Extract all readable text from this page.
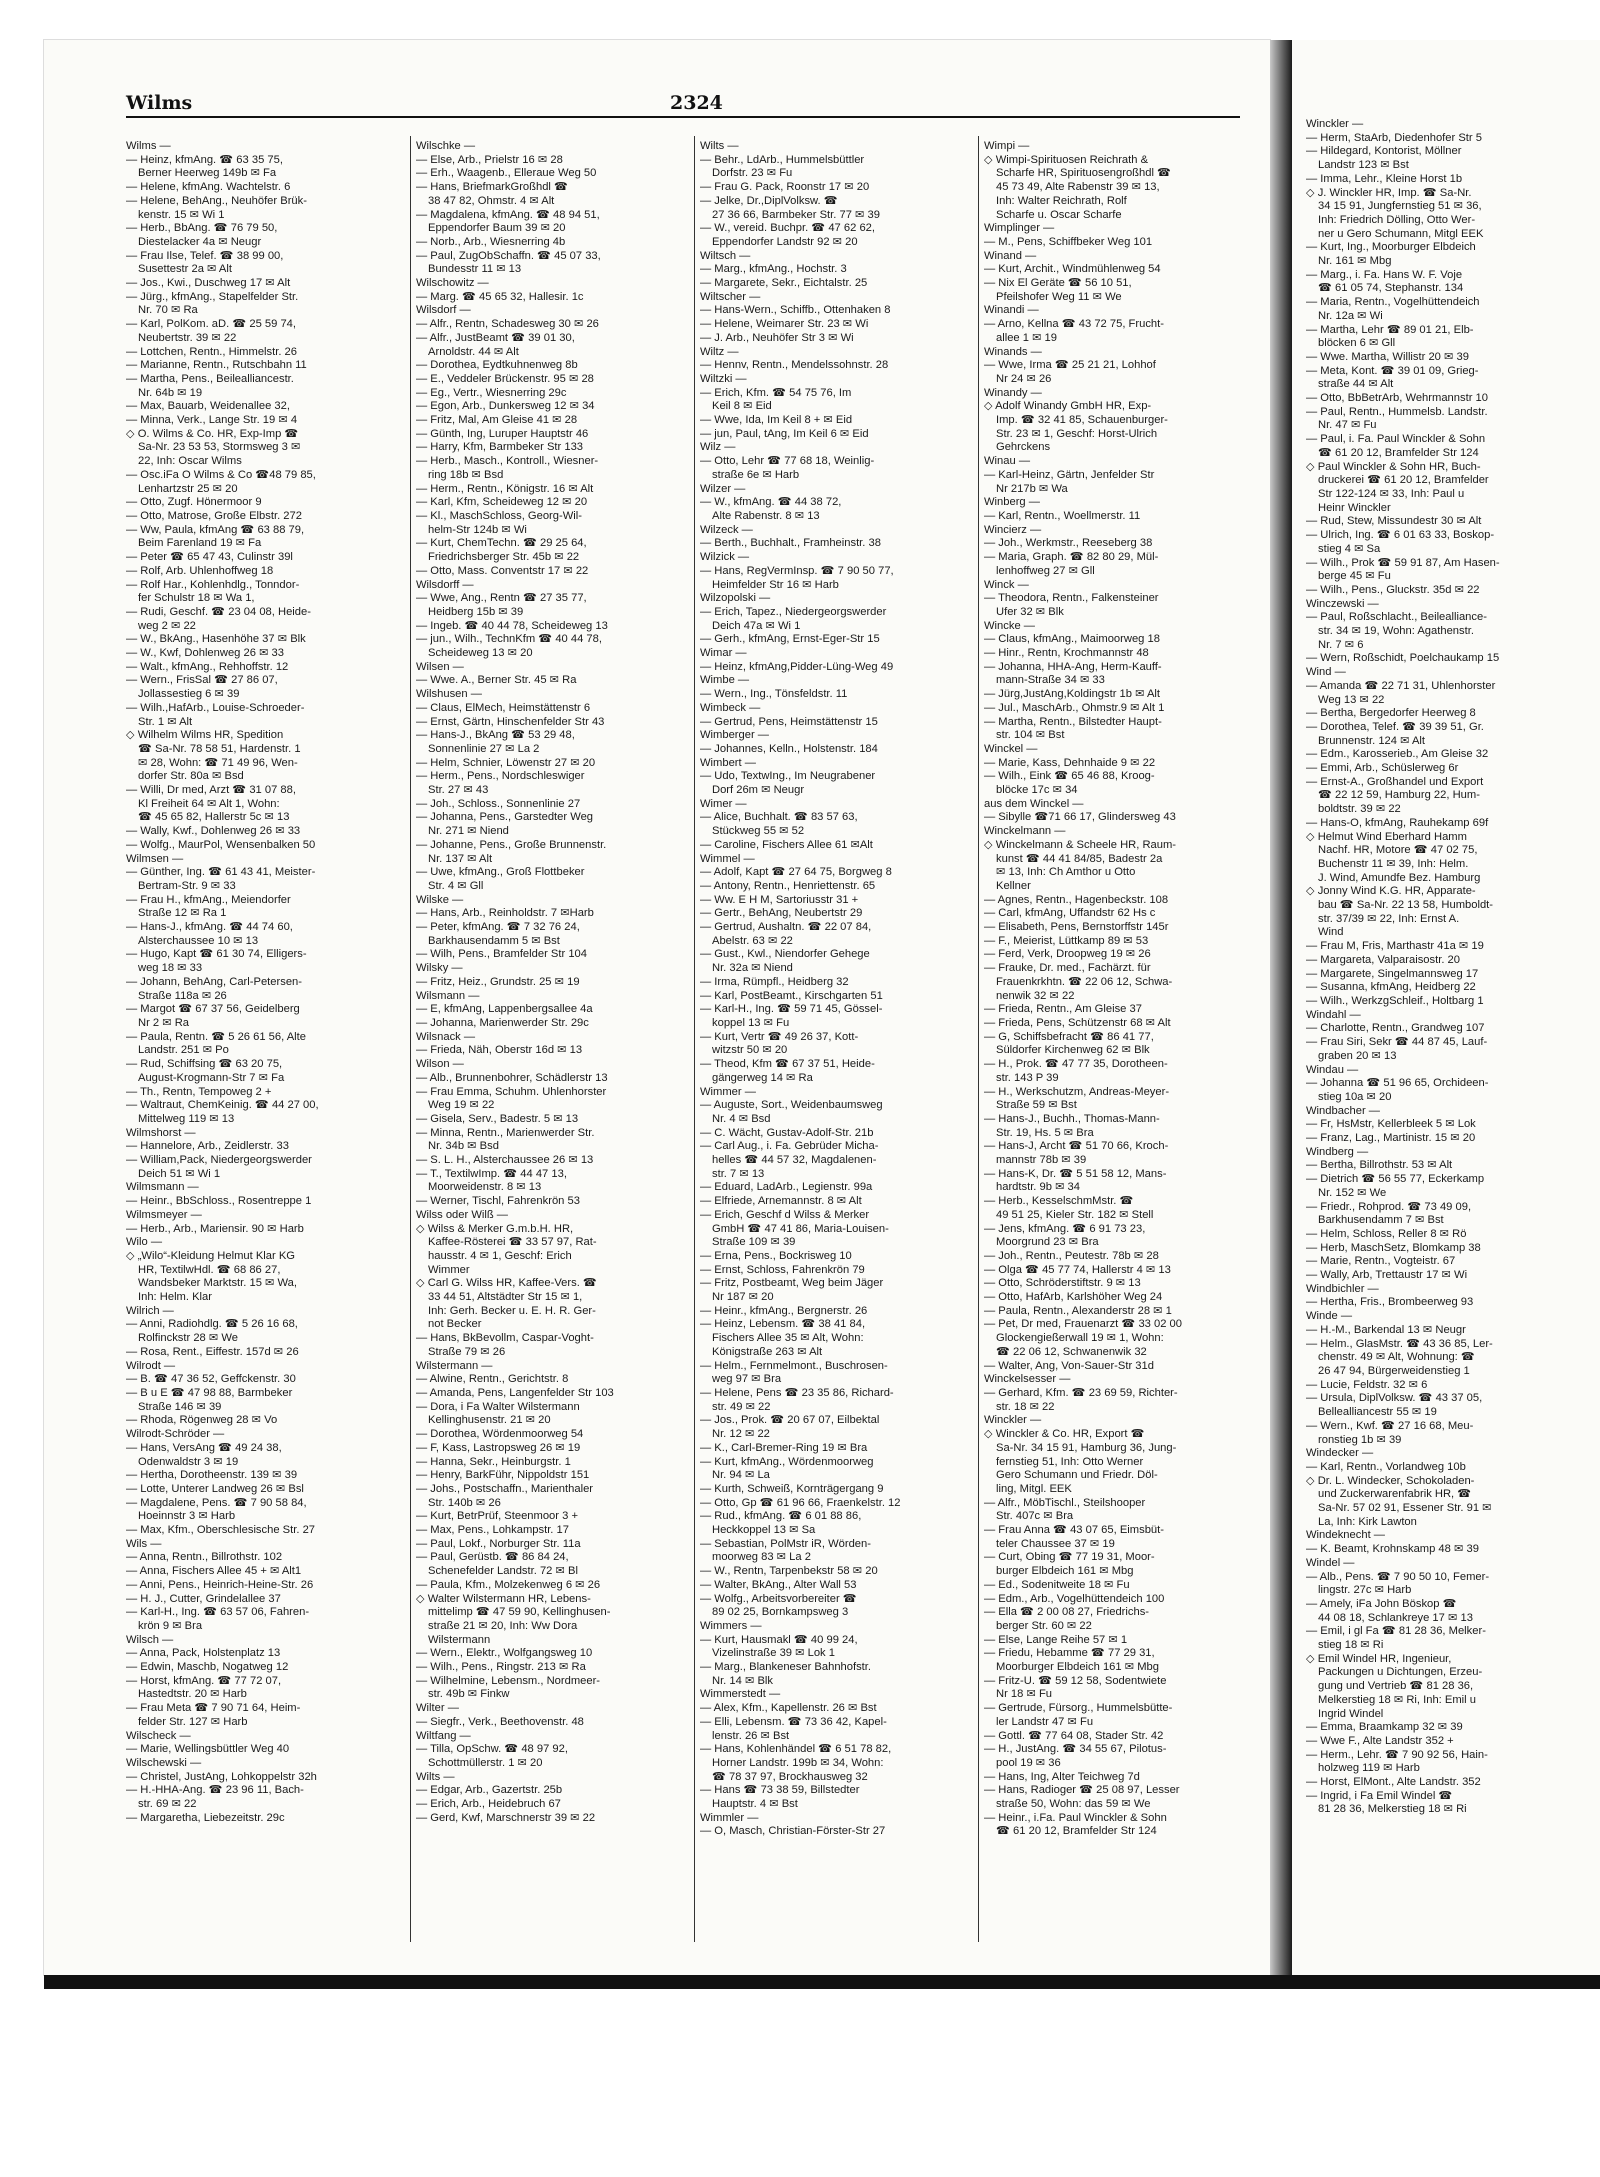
Wilms	2324
Wilms —
— Heinz, kfmAng. ☎ 63 35 75,
Berner Heerweg 149b ✉ Fa
— Helene, kfmAng. Wachtelstr. 6
— Helene, BehAng., Neuhöfer Brük-
kenstr. 15 ✉ Wi 1
— Herb., BbAng. ☎ 76 79 50,
Diestelacker 4a ✉ Neugr
— Frau Ilse, Telef. ☎ 38 99 00,
Susettestr 2a ✉ Alt
— Jos., Kwi., Duschweg 17 ✉ Alt
— Jürg., kfmAng., Stapelfelder Str.
Nr. 70 ✉ Ra
— Karl, PolKom. aD. ☎ 25 59 74,
Neubertstr. 39 ✉ 22
— Lottchen, Rentn., Himmelstr. 26
— Marianne, Rentn., Rutschbahn 11
— Martha, Pens., Beilealliancestr.
Nr. 64b ✉ 19
— Max, Bauarb, Weidenallee 32,
— Minna, Verk., Lange Str. 19 ✉ 4
◇ O. Wilms & Co. HR, Exp-Imp ☎
Sa-Nr. 23 53 53, Stormsweg 3 ✉
22, Inh: Oscar Wilms
— Osc.iFa O Wilms & Co ☎48 79 85,
Lenhartzstr 25 ✉ 20
— Otto, Zugf. Hönermoor 9
— Otto, Matrose, Große Elbstr. 272
— Ww, Paula, kfmAng ☎ 63 88 79,
Beim Farenland 19 ✉ Fa
— Peter ☎ 65 47 43, Culinstr 39l
— Rolf, Arb. Uhlenhoffweg 18
— Rolf Har., Kohlenhdlg., Tonndor-
fer Schulstr 18 ✉ Wa 1,
— Rudi, Geschf. ☎ 23 04 08, Heide-
weg 2 ✉ 22
— W., BkAng., Hasenhöhe 37 ✉ Blk
— W., Kwf, Dohlenweg 26 ✉ 33
— Walt., kfmAng., Rehhoffstr. 12
— Wern., FrisSal ☎ 27 86 07,
Jollassestieg 6 ✉ 39
— Wilh.,HafArb., Louise-Schroeder-
Str. 1 ✉ Alt
◇ Wilhelm Wilms HR, Spedition
☎ Sa-Nr. 78 58 51, Hardenstr. 1
✉ 28, Wohn: ☎ 71 49 96, Wen-
dorfer Str. 80a ✉ Bsd
— Willi, Dr med, Arzt ☎ 31 07 88,
Kl Freiheit 64 ✉ Alt 1, Wohn:
☎ 45 65 82, Hallerstr 5c ✉ 13
— Wally, Kwf., Dohlenweg 26 ✉ 33
— Wolfg., MaurPol, Wensenbalken 50
Wilmsen —
— Günther, Ing. ☎ 61 43 41, Meister-
Bertram-Str. 9 ✉ 33
— Frau H., kfmAng., Meiendorfer
Straße 12 ✉ Ra 1
— Hans-J., kfmAng. ☎ 44 74 60,
Alsterchaussee 10 ✉ 13
— Hugo, Kapt ☎ 61 30 74, Elligers-
weg 18 ✉ 33
— Johann, BehAng, Carl-Petersen-
Straße 118a ✉ 26
— Margot ☎ 67 37 56, Geidelberg
Nr 2 ✉ Ra
— Paula, Rentn. ☎ 5 26 61 56, Alte
Landstr. 251 ✉ Po
— Rud, Schiffsing ☎ 63 20 75,
August-Krogmann-Str 7 ✉ Fa
— Th., Rentn, Tempoweg 2 +
— Waltraut, ChemKeinig. ☎ 44 27 00,
Mittelweg 119 ✉ 13
Wilmshorst —
— Hannelore, Arb., Zeidlerstr. 33
— William,Pack, Niedergeorgswerder
Deich 51 ✉ Wi 1
Wilmsmann —
— Heinr., BbSchloss., Rosentreppe 1
Wilmsmeyer —
— Herb., Arb., Mariensir. 90 ✉ Harb
Wilo —
◇ „Wilo“-Kleidung Helmut Klar KG
HR, TextilwHdl. ☎ 68 86 27,
Wandsbeker Marktstr. 15 ✉ Wa,
Inh: Helm. Klar
Wilrich —
— Anni, Radiohdlg. ☎ 5 26 16 68,
Rolfinckstr 28 ✉ We
— Rosa, Rent., Eiffestr. 157d ✉ 26
Wilrodt —
— B. ☎ 47 36 52, Geffckenstr. 30
— B u E ☎ 47 98 88, Barmbeker
Straße 146 ✉ 39
— Rhoda, Rögenweg 28 ✉ Vo
Wilrodt-Schröder —
— Hans, VersAng ☎ 49 24 38,
Odenwaldstr 3 ✉ 19
— Hertha, Dorotheenstr. 139 ✉ 39
— Lotte, Unterer Landweg 26 ✉ Bsl
— Magdalene, Pens. ☎ 7 90 58 84,
Hoeinnstr 3 ✉ Harb
— Max, Kfm., Oberschlesische Str. 27
Wils —
— Anna, Rentn., Billrothstr. 102
— Anna, Fischers Allee 45 + ✉ Alt1
— Anni, Pens., Heinrich-Heine-Str. 26
— H. J., Cutter, Grindelallee 37
— Karl-H., Ing. ☎ 63 57 06, Fahren-
krön 9 ✉ Bra
Wilsch —
— Anna, Pack, Holstenplatz 13
— Edwin, Maschb, Nogatweg 12
— Horst, kfmAng. ☎ 77 72 07,
Hastedtstr. 20 ✉ Harb
— Frau Meta ☎ 7 90 71 64, Heim-
felder Str. 127 ✉ Harb
Wilscheck —
— Marie, Wellingsbüttler Weg 40
Wilschewski —
— Christel, JustAng, Lohkoppelstr 32h
— H.-HHA-Ang. ☎ 23 96 11, Bach-
str. 69 ✉ 22
— Margaretha, Liebezeitstr. 29c
Wilschke —
— Else, Arb., Prielstr 16 ✉ 28
— Erh., Waagenb., Elleraue Weg 50
— Hans, BriefmarkGroßhdl ☎
38 47 82, Ohmstr. 4 ✉ Alt
— Magdalena, kfmAng. ☎ 48 94 51,
Eppendorfer Baum 39 ✉ 20
— Norb., Arb., Wiesnerring 4b
— Paul, ZugObSchaffn. ☎ 45 07 33,
Bundesstr 11 ✉ 13
Wilschowitz —
— Marg. ☎ 45 65 32, Hallesir. 1c
Wilsdorf —
— Alfr., Rentn, Schadesweg 30 ✉ 26
— Alfr., JustBeamt ☎ 39 01 30,
Arnoldstr. 44 ✉ Alt
— Dorothea, Eydtkuhnenweg 8b
— E., Veddeler Brückenstr. 95 ✉ 28
— Eg., Vertr., Wiesnerring 29c
— Egon, Arb., Dunkersweg 12 ✉ 34
— Fritz, Mal, Am Gleise 41 ✉ 28
— Günth, Ing, Luruper Hauptstr 46
— Harry, Kfm, Barmbeker Str 133
— Herb., Masch., Kontroll., Wiesner-
ring 18b ✉ Bsd
— Herm., Rentn., Königstr. 16 ✉ Alt
— Karl, Kfm, Scheideweg 12 ✉ 20
— Kl., MaschSchloss, Georg-Wil-
helm-Str 124b ✉ Wi
— Kurt, ChemTechn. ☎ 29 25 64,
Friedrichsberger Str. 45b ✉ 22
— Otto, Mass. Conventstr 17 ✉ 22
Wilsdorff —
— Wwe, Ang., Rentn ☎ 27 35 77,
Heidberg 15b ✉ 39
— Ingeb. ☎ 40 44 78, Scheideweg 13
— jun., Wilh., TechnKfm ☎ 40 44 78,
Scheideweg 13 ✉ 20
Wilsen —
— Wwe. A., Berner Str. 45 ✉ Ra
Wilshusen —
— Claus, ElMech, Heimstättenstr 6
— Ernst, Gärtn, Hinschenfelder Str 43
— Hans-J., BkAng ☎ 53 29 48,
Sonnenlinie 27 ✉ La 2
— Helm, Schnier, Löwenstr 27 ✉ 20
— Herm., Pens., Nordschleswiger
Str. 27 ✉ 43
— Joh., Schloss., Sonnenlinie 27
— Johanna, Pens., Garstedter Weg
Nr. 271 ✉ Niend
— Johanne, Pens., Große Brunnenstr.
Nr. 137 ✉ Alt
— Uwe, kfmAng., Groß Flottbeker
Str. 4 ✉ Gll
Wilske —
— Hans, Arb., Reinholdstr. 7 ✉Harb
— Peter, kfmAng. ☎ 7 32 76 24,
Barkhausendamm 5 ✉ Bst
— Wilh, Pens., Bramfelder Str 104
Wilsky —
— Fritz, Heiz., Grundstr. 25 ✉ 19
Wilsmann —
— E, kfmAng, Lappenbergsallee 4a
— Johanna, Marienwerder Str. 29c
Wilsnack —
— Frieda, Näh, Oberstr 16d ✉ 13
Wilson —
— Alb., Brunnenbohrer, Schädlerstr 13
— Frau Emma, Schuhm. Uhlenhorster
Weg 19 ✉ 22
— Gisela, Serv., Badestr. 5 ✉ 13
— Minna, Rentn., Marienwerder Str.
Nr. 34b ✉ Bsd
— S. L. H., Alsterchaussee 26 ✉ 13
— T., TextilwImp. ☎ 44 47 13,
Moorweidenstr. 8 ✉ 13
— Werner, Tischl, Fahrenkrön 53
Wilss oder Wilß —
◇ Wilss & Merker G.m.b.H. HR,
Kaffee-Rösterei ☎ 33 57 97, Rat-
hausstr. 4 ✉ 1, Geschf: Erich
Wimmer
◇ Carl G. Wilss HR, Kaffee-Vers. ☎
33 44 51, Altstädter Str 15 ✉ 1,
Inh: Gerh. Becker u. E. H. R. Ger-
not Becker
— Hans, BkBevollm, Caspar-Voght-
Straße 79 ✉ 26
Wilstermann —
— Alwine, Rentn., Gerichtstr. 8
— Amanda, Pens, Langenfelder Str 103
— Dora, i Fa Walter Wilstermann
Kellinghusenstr. 21 ✉ 20
— Dorothea, Wördenmoorweg 54
— F, Kass, Lastropsweg 26 ✉ 19
— Hanna, Sekr., Heinburgstr. 1
— Henry, BarkFühr, Nippoldstr 151
— Johs., Postschaffn., Marienthaler
Str. 140b ✉ 26
— Kurt, BetrPrüf, Steenmoor 3 +
— Max, Pens., Lohkampstr. 17
— Paul, Lokf., Norburger Str. 11a
— Paul, Gerüstb. ☎ 86 84 24,
Schenefelder Landstr. 72 ✉ Bl
— Paula, Kfm., Molzekenweg 6 ✉ 26
◇ Walter Wilstermann HR, Lebens-
mittelimp ☎ 47 59 90, Kellinghusen-
straße 21 ✉ 20, Inh: Ww Dora
Wilstermann
— Wern., Elektr., Wolfgangsweg 10
— Wilh., Pens., Ringstr. 213 ✉ Ra
— Wilhelmine, Lebensm., Nordmeer-
str. 49b ✉ Finkw
Wilter —
— Siegfr., Verk., Beethovenstr. 48
Wiltfang —
— Tilla, OpSchw. ☎ 48 97 92,
Schottmüllerstr. 1 ✉ 20
Wilts —
— Edgar, Arb., Gazertstr. 25b
— Erich, Arb., Heidebruch 67
— Gerd, Kwf, Marschnerstr 39 ✉ 22
Wilts —
— Behr., LdArb., Hummelsbüttler
Dorfstr. 23 ✉ Fu
— Frau G. Pack, Roonstr 17 ✉ 20
— Jelke, Dr.,DiplVolksw. ☎
27 36 66, Barmbeker Str. 77 ✉ 39
— W., vereid. Buchpr. ☎ 47 62 62,
Eppendorfer Landstr 92 ✉ 20
Wiltsch —
— Marg., kfmAng., Hochstr. 3
— Margarete, Sekr., Eichtalstr. 25
Wiltscher —
— Hans-Wern., Schiffb., Ottenhaken 8
— Helene, Weimarer Str. 23 ✉ Wi
— J. Arb., Neuhöfer Str 3 ✉ Wi
Wiltz —
— Hennv, Rentn., Mendelssohnstr. 28
Wiltzki —
— Erich, Kfm. ☎ 54 75 76, Im
Keil 8 ✉ Eid
— Wwe, Ida, Im Keil 8 + ✉ Eid
— jun, Paul, tAng, Im Keil 6 ✉ Eid
Wilz —
— Otto, Lehr ☎ 77 68 18, Weinlig-
straße 6e ✉ Harb
Wilzer —
— W., kfmAng. ☎ 44 38 72,
Alte Rabenstr. 8 ✉ 13
Wilzeck —
— Berth., Buchhalt., Framheinstr. 38
Wilzick —
— Hans, RegVermInsp. ☎ 7 90 50 77,
Heimfelder Str 16 ✉ Harb
Wilzopolski —
— Erich, Tapez., Niedergeorgswerder
Deich 47a ✉ Wi 1
— Gerh., kfmAng, Ernst-Eger-Str 15
Wimar —
— Heinz, kfmAng,Pidder-Lüng-Weg 49
Wimbe —
— Wern., Ing., Tönsfeldstr. 11
Wimbeck —
— Gertrud, Pens, Heimstättenstr 15
Wimberger —
— Johannes, Kelln., Holstenstr. 184
Wimbert —
— Udo, TextwIng., Im Neugrabener
Dorf 26m ✉ Neugr
Wimer —
— Alice, Buchhalt. ☎ 83 57 63,
Stückweg 55 ✉ 52
— Caroline, Fischers Allee 61 ✉Alt
Wimmel —
— Adolf, Kapt ☎ 27 64 75, Borgweg 8
— Antony, Rentn., Henriettenstr. 65
— Ww. E H M, Sartoriusstr 31 +
— Gertr., BehAng, Neubertstr 29
— Gertrud, Aushaltn. ☎ 22 07 84,
Abelstr. 63 ✉ 22
— Gust., Kwl., Niendorfer Gehege
Nr. 32a ✉ Niend
— Irma, Rümpfl., Heidberg 32
— Karl, PostBeamt., Kirschgarten 51
— Karl-H., Ing. ☎ 59 71 45, Gössel-
koppel 13 ✉ Fu
— Kurt, Vertr ☎ 49 26 37, Kott-
witzstr 50 ✉ 20
— Theod, Kfm ☎ 67 37 51, Heide-
gängerweg 14 ✉ Ra
Wimmer —
— Auguste, Sort., Weidenbaumsweg
Nr. 4 ✉ Bsd
— C. Wächt, Gustav-Adolf-Str. 21b
— Carl Aug., i. Fa. Gebrüder Micha-
helles ☎ 44 57 32, Magdalenen-
str. 7 ✉ 13
— Eduard, LadArb., Legienstr. 99a
— Elfriede, Arnemannstr. 8 ✉ Alt
— Erich, Geschf d Wilss & Merker
GmbH ☎ 47 41 86, Maria-Louisen-
Straße 109 ✉ 39
— Erna, Pens., Bockrisweg 10
— Ernst, Schloss, Fahrenkrön 79
— Fritz, Postbeamt, Weg beim Jäger
Nr 187 ✉ 20
— Heinr., kfmAng., Bergnerstr. 26
— Heinz, Lebensm. ☎ 38 41 84,
Fischers Allee 35 ✉ Alt, Wohn:
Königstraße 263 ✉ Alt
— Helm., Fernmelmont., Buschrosen-
weg 97 ✉ Bra
— Helene, Pens ☎ 23 35 86, Richard-
str. 49 ✉ 22
— Jos., Prok. ☎ 20 67 07, Eilbektal
Nr. 12 ✉ 22
— K., Carl-Bremer-Ring 19 ✉ Bra
— Kurt, kfmAng., Wördenmoorweg
Nr. 94 ✉ La
— Kurth, Schweiß, Kornträgergang 9
— Otto, Gp ☎ 61 96 66, Fraenkelstr. 12
— Rud., kfmAng. ☎ 6 01 88 86,
Heckkoppel 13 ✉ Sa
— Sebastian, PolMstr iR, Wörden-
moorweg 83 ✉ La 2
— W., Rentn, Tarpenbekstr 58 ✉ 20
— Walter, BkAng., Alter Wall 53
— Wolfg., Arbeitsvorbereiter ☎
89 02 25, Bornkampsweg 3
Wimmers —
— Kurt, Hausmakl ☎ 40 99 24,
Vizelinstraße 39 ✉ Lok 1
— Marg., Blankeneser Bahnhofstr.
Nr. 14 ✉ Blk
Wimmerstedt —
— Alex, Kfm., Kapellenstr. 26 ✉ Bst
— Elli, Lebensm. ☎ 73 36 42, Kapel-
lenstr. 26 ✉ Bst
— Hans, Kohlenhändel ☎ 6 51 78 82,
Horner Landstr. 199b ✉ 34, Wohn:
☎ 78 37 97, Brockhausweg 32
— Hans ☎ 73 38 59, Billstedter
Hauptstr. 4 ✉ Bst
Wimmler —
— O, Masch, Christian-Förster-Str 27
Wimpi —
◇ Wimpi-Spirituosen Reichrath &
Scharfe HR, Spirituosengroßhdl ☎
45 73 49, Alte Rabenstr 39 ✉ 13,
Inh: Walter Reichrath, Rolf
Scharfe u. Oscar Scharfe
Wimplinger —
— M., Pens, Schiffbeker Weg 101
Winand —
— Kurt, Archit., Windmühlenweg 54
— Nix El Geräte ☎ 56 10 51,
Pfeilshofer Weg 11 ✉ We
Winandi —
— Arno, Kellna ☎ 43 72 75, Frucht-
allee 1 ✉ 19
Winands —
— Wwe, Irma ☎ 25 21 21, Lohhof
Nr 24 ✉ 26
Winandy —
◇ Adolf Winandy GmbH HR, Exp-
Imp. ☎ 32 41 85, Schauenburger-
Str. 23 ✉ 1, Geschf: Horst-Ulrich
Gehrckens
Winau —
— Karl-Heinz, Gärtn, Jenfelder Str
Nr 217b ✉ Wa
Winberg —
— Karl, Rentn., Woellmerstr. 11
Wincierz —
— Joh., Werkmstr., Reeseberg 38
— Maria, Graph. ☎ 82 80 29, Mül-
lenhoffweg 27 ✉ Gll
Winck —
— Theodora, Rentn., Falkensteiner
Ufer 32 ✉ Blk
Wincke —
— Claus, kfmAng., Maimoorweg 18
— Hinr., Rentn, Krochmannstr 48
— Johanna, HHA-Ang, Herm-Kauff-
mann-Straße 34 ✉ 33
— Jürg,JustAng,Koldingstr 1b ✉ Alt
— Jul., MaschArb., Ohmstr.9 ✉ Alt 1
— Martha, Rentn., Bilstedter Haupt-
str. 104 ✉ Bst
Winckel —
— Marie, Kass, Dehnhaide 9 ✉ 22
— Wilh., Eink ☎ 65 46 88, Kroog-
blöcke 17c ✉ 34
aus dem Winckel —
— Sibylle ☎71 66 17, Glindersweg 43
Winckelmann —
◇ Winckelmann & Scheele HR, Raum-
kunst ☎ 44 41 84/85, Badestr 2a
✉ 13, Inh: Ch Amthor u Otto
Kellner
— Agnes, Rentn., Hagenbeckstr. 108
— Carl, kfmAng, Uffandstr 62 Hs c
— Elisabeth, Pens, Bernstorffstr 145r
— F., Meierist, Lüttkamp 89 ✉ 53
— Ferd, Verk, Droopweg 19 ✉ 26
— Frauke, Dr. med., Fachärzt. für
Frauenkrkhtn. ☎ 22 06 12, Schwa-
nenwik 32 ✉ 22
— Frieda, Rentn., Am Gleise 37
— Frieda, Pens, Schützenstr 68 ✉ Alt
— G, Schiffsbefracht ☎ 86 41 77,
Süldorfer Kirchenweg 62 ✉ Blk
— H., Prok. ☎ 47 77 35, Dorotheen-
str. 143 P 39
— H., Werkschutzm, Andreas-Meyer-
Straße 59 ✉ Bst
— Hans-J., Buchh., Thomas-Mann-
Str. 19, Hs. 5 ✉ Bra
— Hans-J, Archt ☎ 51 70 66, Kroch-
mannstr 78b ✉ 39
— Hans-K, Dr. ☎ 5 51 58 12, Mans-
hardtstr. 9b ✉ 34
— Herb., KesselschmMstr. ☎
49 51 25, Kieler Str. 182 ✉ Stell
— Jens, kfmAng. ☎ 6 91 73 23,
Moorgrund 23 ✉ Bra
— Joh., Rentn., Peutestr. 78b ✉ 28
— Olga ☎ 45 77 74, Hallerstr 4 ✉ 13
— Otto, Schröderstiftstr. 9 ✉ 13
— Otto, HafArb, Karlshöher Weg 24
— Paula, Rentn., Alexanderstr 28 ✉ 1
— Pet, Dr med, Frauenarzt ☎ 33 02 00
Glockengießerwall 19 ✉ 1, Wohn:
☎ 22 06 12, Schwanenwik 32
— Walter, Ang, Von-Sauer-Str 31d
Winckelsesser —
— Gerhard, Kfm. ☎ 23 69 59, Richter-
str. 18 ✉ 22
Winckler —
◇ Winckler & Co. HR, Export ☎
Sa-Nr. 34 15 91, Hamburg 36, Jung-
fernstieg 51, Inh: Otto Werner
Gero Schumann und Friedr. Döl-
ling, Mitgl. EEK
— Alfr., MöbTischl., Steilshooper
Str. 407c ✉ Bra
— Frau Anna ☎ 43 07 65, Eimsbüt-
teler Chaussee 37 ✉ 19
— Curt, Obing ☎ 77 19 31, Moor-
burger Elbdeich 161 ✉ Mbg
— Ed., Sodenitweite 18 ✉ Fu
— Edm., Arb., Vogelhüttendeich 100
— Ella ☎ 2 00 08 27, Friedrichs-
berger Str. 60 ✉ 22
— Else, Lange Reihe 57 ✉ 1
— Friedu, Hebamme ☎ 77 29 31,
Moorburger Elbdeich 161 ✉ Mbg
— Fritz-U. ☎ 59 12 58, Sodentwiete
Nr 18 ✉ Fu
— Gertrude, Fürsorg., Hummelsbütte-
ler Landstr 47 ✉ Fu
— Gottl. ☎ 77 64 08, Stader Str. 42
— H., JustAng. ☎ 34 55 67, Pilotus-
pool 19 ✉ 36
— Hans, Ing, Alter Teichweg 7d
— Hans, Radioger ☎ 25 08 97, Lesser
straße 50, Wohn: das 59 ✉ We
— Heinr., i.Fa. Paul Winckler & Sohn
☎ 61 20 12, Bramfelder Str 124
Winckler —
— Herm, StaArb, Diedenhofer Str 5
— Hildegard, Kontorist, Möllner
Landstr 123 ✉ Bst
— Imma, Lehr., Kleine Horst 1b
◇ J. Winckler HR, Imp. ☎ Sa-Nr.
34 15 91, Jungfernstieg 51 ✉ 36,
Inh: Friedrich Dölling, Otto Wer-
ner u Gero Schumann, Mitgl EEK
— Kurt, Ing., Moorburger Elbdeich
Nr. 161 ✉ Mbg
— Marg., i. Fa. Hans W. F. Voje
☎ 61 05 74, Stephanstr. 134
— Maria, Rentn., Vogelhüttendeich
Nr. 12a ✉ Wi
— Martha, Lehr ☎ 89 01 21, Elb-
blöcken 6 ✉ Gll
— Wwe. Martha, Willistr 20 ✉ 39
— Meta, Kont. ☎ 39 01 09, Grieg-
straße 44 ✉ Alt
— Otto, BbBetrArb, Wehrmannstr 10
— Paul, Rentn., Hummelsb. Landstr.
Nr. 47 ✉ Fu
— Paul, i. Fa. Paul Winckler & Sohn
☎ 61 20 12, Bramfelder Str 124
◇ Paul Winckler & Sohn HR, Buch-
druckerei ☎ 61 20 12, Bramfelder
Str 122-124 ✉ 33, Inh: Paul u
Heinr Winckler
— Rud, Stew, Missundestr 30 ✉ Alt
— Ulrich, Ing. ☎ 6 01 63 33, Boskop-
stieg 4 ✉ Sa
— Wilh., Prok ☎ 59 91 87, Am Hasen-
berge 45 ✉ Fu
— Wilh., Pens., Gluckstr. 35d ✉ 22
Winczewski —
— Paul, Roßschlacht., Beilealliance-
str. 34 ✉ 19, Wohn: Agathenstr.
Nr. 7 ✉ 6
— Wern, Roßschidt, Poelchaukamp 15
Wind —
— Amanda ☎ 22 71 31, Uhlenhorster
Weg 13 ✉ 22
— Bertha, Bergedorfer Heerweg 8
— Dorothea, Telef. ☎ 39 39 51, Gr.
Brunnenstr. 124 ✉ Alt
— Edm., Karosserieb., Am Gleise 32
— Emmi, Arb., Schüslerweg 6r
— Ernst-A., Großhandel und Export
☎ 22 12 59, Hamburg 22, Hum-
boldtstr. 39 ✉ 22
— Hans-O, kfmAng, Rauhekamp 69f
◇ Helmut Wind Eberhard Hamm
Nachf. HR, Motore ☎ 47 02 75,
Buchenstr 11 ✉ 39, Inh: Helm.
J. Wind, Amundfe Bez. Hamburg
◇ Jonny Wind K.G. HR, Apparate-
bau ☎ Sa-Nr. 22 13 58, Humboldt-
str. 37/39 ✉ 22, Inh: Ernst A.
Wind
— Frau M, Fris, Marthastr 41a ✉ 19
— Margareta, Valparaisostr. 20
— Margarete, Singelmannsweg 17
— Susanna, kfmAng, Heidberg 22
— Wilh., WerkzgSchleif., Holtbarg 1
Windahl —
— Charlotte, Rentn., Grandweg 107
— Frau Siri, Sekr ☎ 44 87 45, Lauf-
graben 20 ✉ 13
Windau —
— Johanna ☎ 51 96 65, Orchideen-
stieg 10a ✉ 20
Windbacher —
— Fr, HsMstr, Kellerbleek 5 ✉ Lok
— Franz, Lag., Martinistr. 15 ✉ 20
Windberg —
— Bertha, Billrothstr. 53 ✉ Alt
— Dietrich ☎ 56 55 77, Eckerkamp
Nr. 152 ✉ We
— Friedr., Rohprod. ☎ 73 49 09,
Barkhusendamm 7 ✉ Bst
— Helm, Schloss, Reller 8 ✉ Rö
— Herb, MaschSetz, Blomkamp 38
— Marie, Rentn., Vogteistr. 67
— Wally, Arb, Trettaustr 17 ✉ Wi
Windbichler —
— Hertha, Fris., Brombeerweg 93
Winde —
— H.-M., Barkendal 13 ✉ Neugr
— Helm., GlasMstr. ☎ 43 36 85, Ler-
chenstr. 49 ✉ Alt, Wohnung: ☎
26 47 94, Bürgerweidenstieg 1
— Lucie, Feldstr. 32 ✉ 6
— Ursula, DiplVolksw. ☎ 43 37 05,
Bellealliancestr 55 ✉ 19
— Wern., Kwf. ☎ 27 16 68, Meu-
ronstieg 1b ✉ 39
Windecker —
— Karl, Rentn., Vorlandweg 10b
◇ Dr. L. Windecker, Schokoladen-
und Zuckerwarenfabrik HR, ☎
Sa-Nr. 57 02 91, Essener Str. 91 ✉
La, Inh: Kirk Lawton
Windeknecht —
— K. Beamt, Krohnskamp 48 ✉ 39
Windel —
— Alb., Pens. ☎ 7 90 50 10, Femer-
lingstr. 27c ✉ Harb
— Amely, iFa John Böskop ☎
44 08 18, Schlankreye 17 ✉ 13
— Emil, i gl Fa ☎ 81 28 36, Melker-
stieg 18 ✉ Ri
◇ Emil Windel HR, Ingenieur,
Packungen u Dichtungen, Erzeu-
gung und Vertrieb ☎ 81 28 36,
Melkerstieg 18 ✉ Ri, Inh: Emil u
Ingrid Windel
— Emma, Braamkamp 32 ✉ 39
— Wwe F., Alte Landstr 352 +
— Herm., Lehr. ☎ 7 90 92 56, Hain-
holzweg 119 ✉ Harb
— Horst, ElMont., Alte Landstr. 352
— Ingrid, i Fa Emil Windel ☎
81 28 36, Melkerstieg 18 ✉ Ri
